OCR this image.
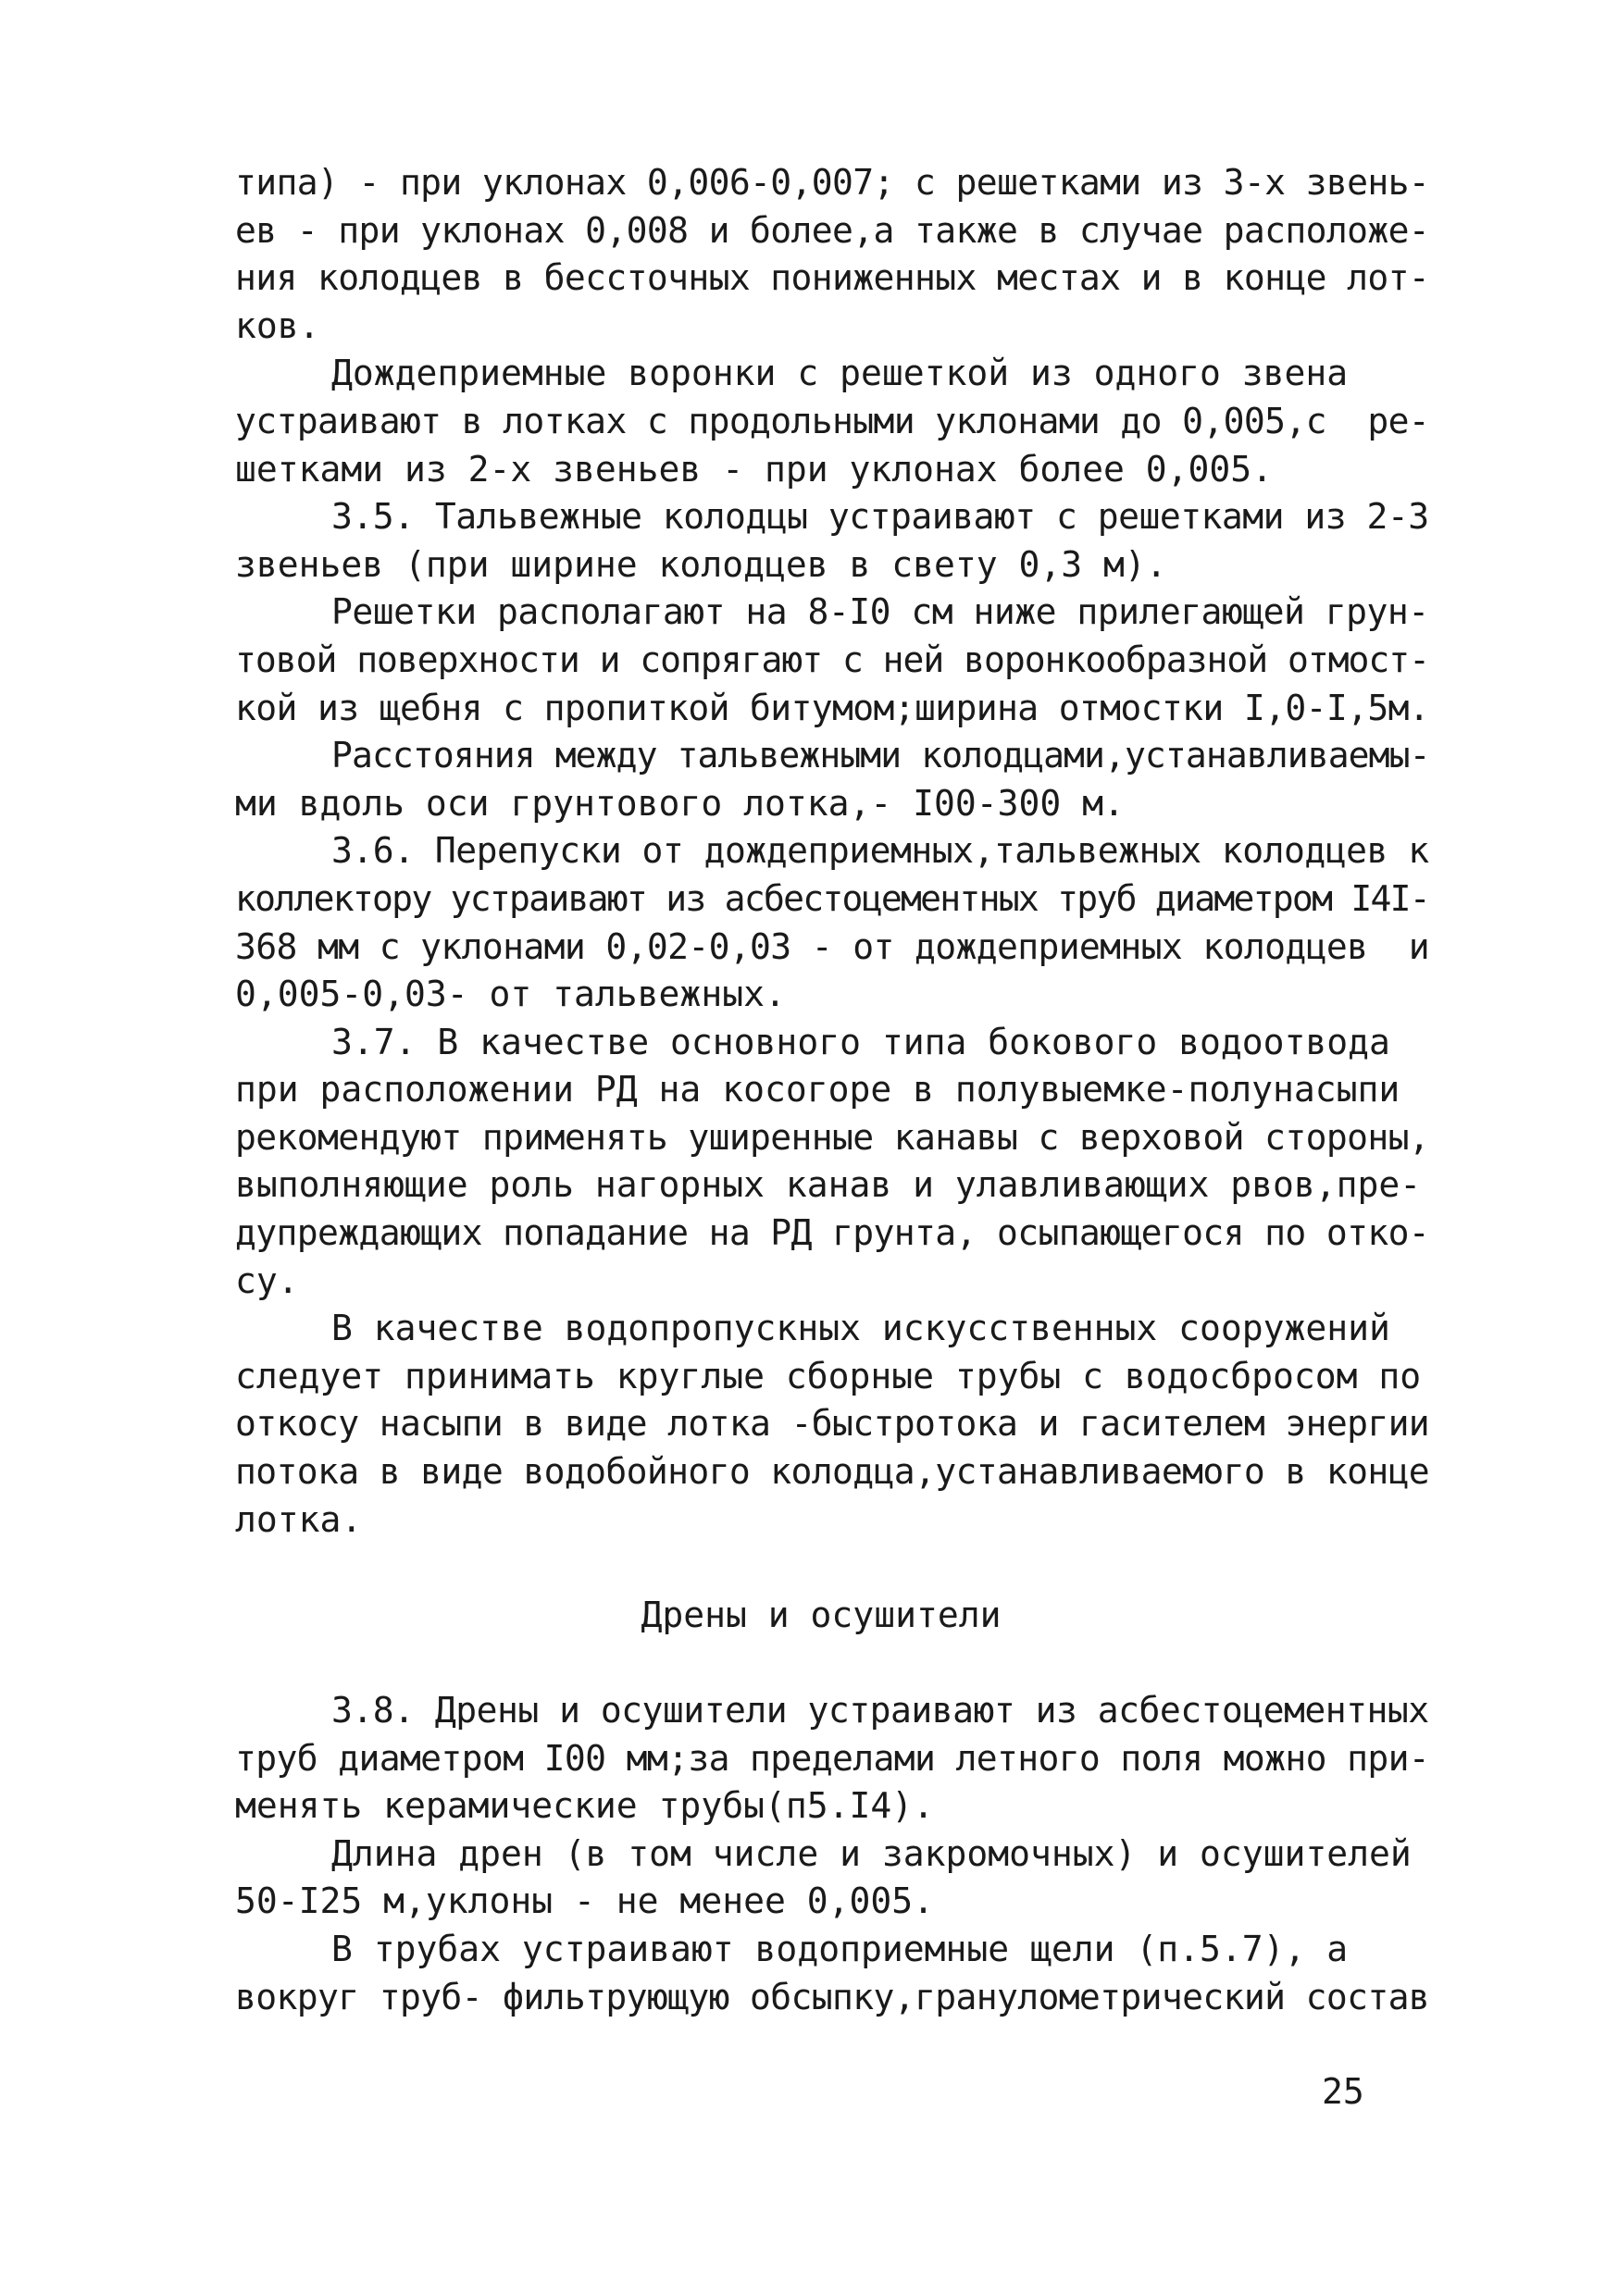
типа) - при уклонах 0,006-0,007; с решетками из 3-х звень-
ев - при уклонах 0,008 и более,а также в случае расположе-
ния колодцев в бессточных пониженных местах и в конце лот-
ков.
Дождеприемные воронки с решеткой из одного звена
устраивают в лотках с продольными уклонами до 0,005,с  ре-
шетками из 2-х звеньев - при уклонах более 0,005.
3.5. Тальвежные колодцы устраивают с решетками из 2-3
звеньев (при ширине колодцев в свету 0,3 м).
Решетки располагают на 8-I0 см ниже прилегающей грун-
товой поверхности и сопрягают с ней воронкообразной отмост-
кой из щебня с пропиткой битумом;ширина отмостки I,0-I,5м.
Расстояния между тальвежными колодцами,устанавливаемы-
ми вдоль оси грунтового лотка,- I00-300 м.
3.6. Перепуски от дождеприемных,тальвежных колодцев к
коллектору устраивают из асбестоцементных труб диаметром I4I-
368 мм с уклонами 0,02-0,03 - от дождеприемных колодцев  и
0,005-0,03- от тальвежных.
3.7. В качестве основного типа бокового водоотвода
при расположении РД на косогоре в полувыемке-полунасыпи
рекомендуют применять уширенные канавы с верховой стороны,
выполняющие роль нагорных канав и улавливающих рвов,пре-
дупреждающих попадание на РД грунта, осыпающегося по отко-
су.
В качестве водопропускных искусственных сооружений
следует принимать круглые сборные трубы с водосбросом по
откосу насыпи в виде лотка -быстротока и гасителем энергии
потока в виде водобойного колодца,устанавливаемого в конце
лотка.
Дрены и осушители
3.8. Дрены и осушители устраивают из асбестоцементных
труб диаметром I00 мм;за пределами летного поля можно при-
менять керамические трубы(п5.I4).
Длина дрен (в том числе и закромочных) и осушителей
50-I25 м,уклоны - не менее 0,005.
В трубах устраивают водоприемные щели (п.5.7), а
вокруг труб- фильтрующую обсыпку,гранулометрический состав
25
